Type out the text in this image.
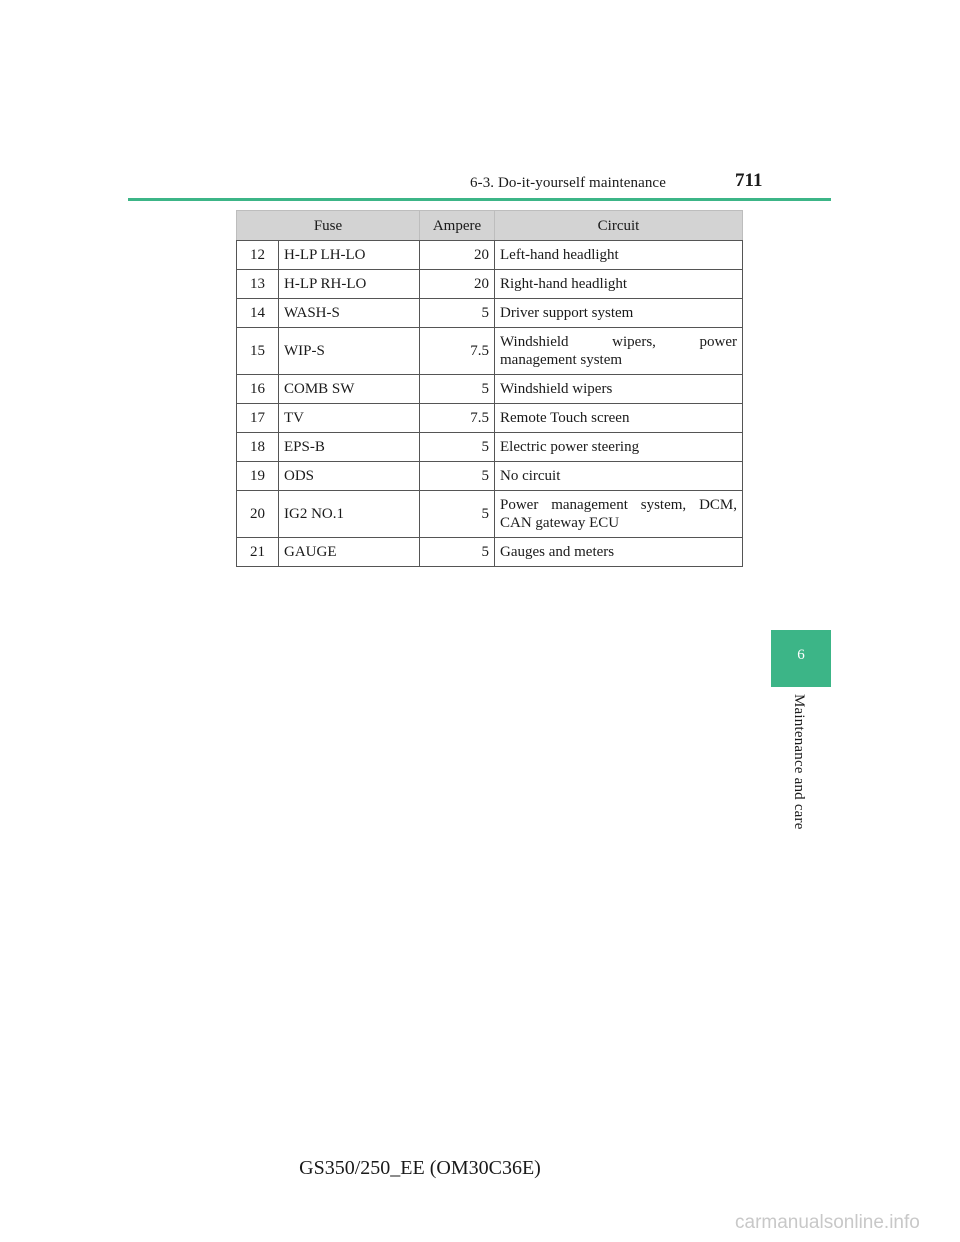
6-3. Do-it-yourself maintenance	711
Fuse		Ampere	Circuit
12	H-LP LH-LO	20	Left-hand headlight
13	H-LP RH-LO	20	Right-hand headlight
14	WASH-S	5	Driver support system
15	WIP-S	7.5	Windshield wipers, power management system
16	COMB SW	5	Windshield wipers
17	TV	7.5	Remote Touch screen
18	EPS-B	5	Electric power steering
19	ODS	5	No circuit
20	IG2 NO.1	5	Power management system, DCM, CAN gateway ECU
21	GAUGE	5	Gauges and meters
6
Maintenance and care
GS350/250_EE (OM30C36E)
carmanualsonline.info
